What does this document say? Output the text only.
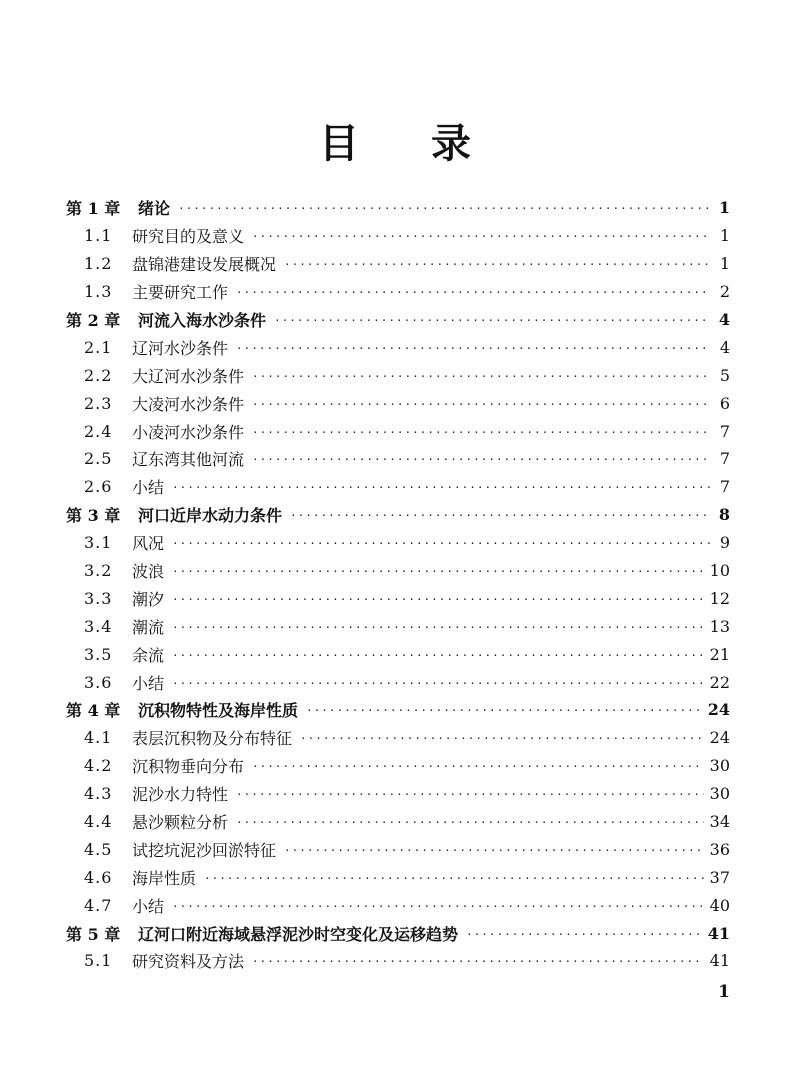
目 录
第 1 章	绪论 ·····	1
1.1	研究目的及意义 ·····	1
1.2	盘锦港建设发展概况 ·····	1
1.3	主要研究工作 ·····	2
第 2 章	河流入海水沙条件 ·····	4
2.1	辽河水沙条件 ·····	4
2.2	大辽河水沙条件 ·····	5
2.3	大凌河水沙条件 ·····	6
2.4	小凌河水沙条件 ·····	7
2.5	辽东湾其他河流 ·····	7
2.6	小结 ·····	7
第 3 章	河口近岸水动力条件 ·····	8
3.1	风况 ·····	9
3.2	波浪 ·····	10
3.3	潮汐 ·····	12
3.4	潮流 ·····	13
3.5	余流 ·····	21
3.6	小结 ·····	22
第 4 章	沉积物特性及海岸性质 ·····	24
4.1	表层沉积物及分布特征 ·····	24
4.2	沉积物垂向分布 ·····	30
4.3	泥沙水力特性 ·····	30
4.4	悬沙颗粒分析 ·····	34
4.5	试挖坑泥沙回淤特征 ·····	36
4.6	海岸性质 ·····	37
4.7	小结 ·····	40
第 5 章	辽河口附近海域悬浮泥沙时空变化及运移趋势 ·····	41
5.1	研究资料及方法 ·····	41
1
